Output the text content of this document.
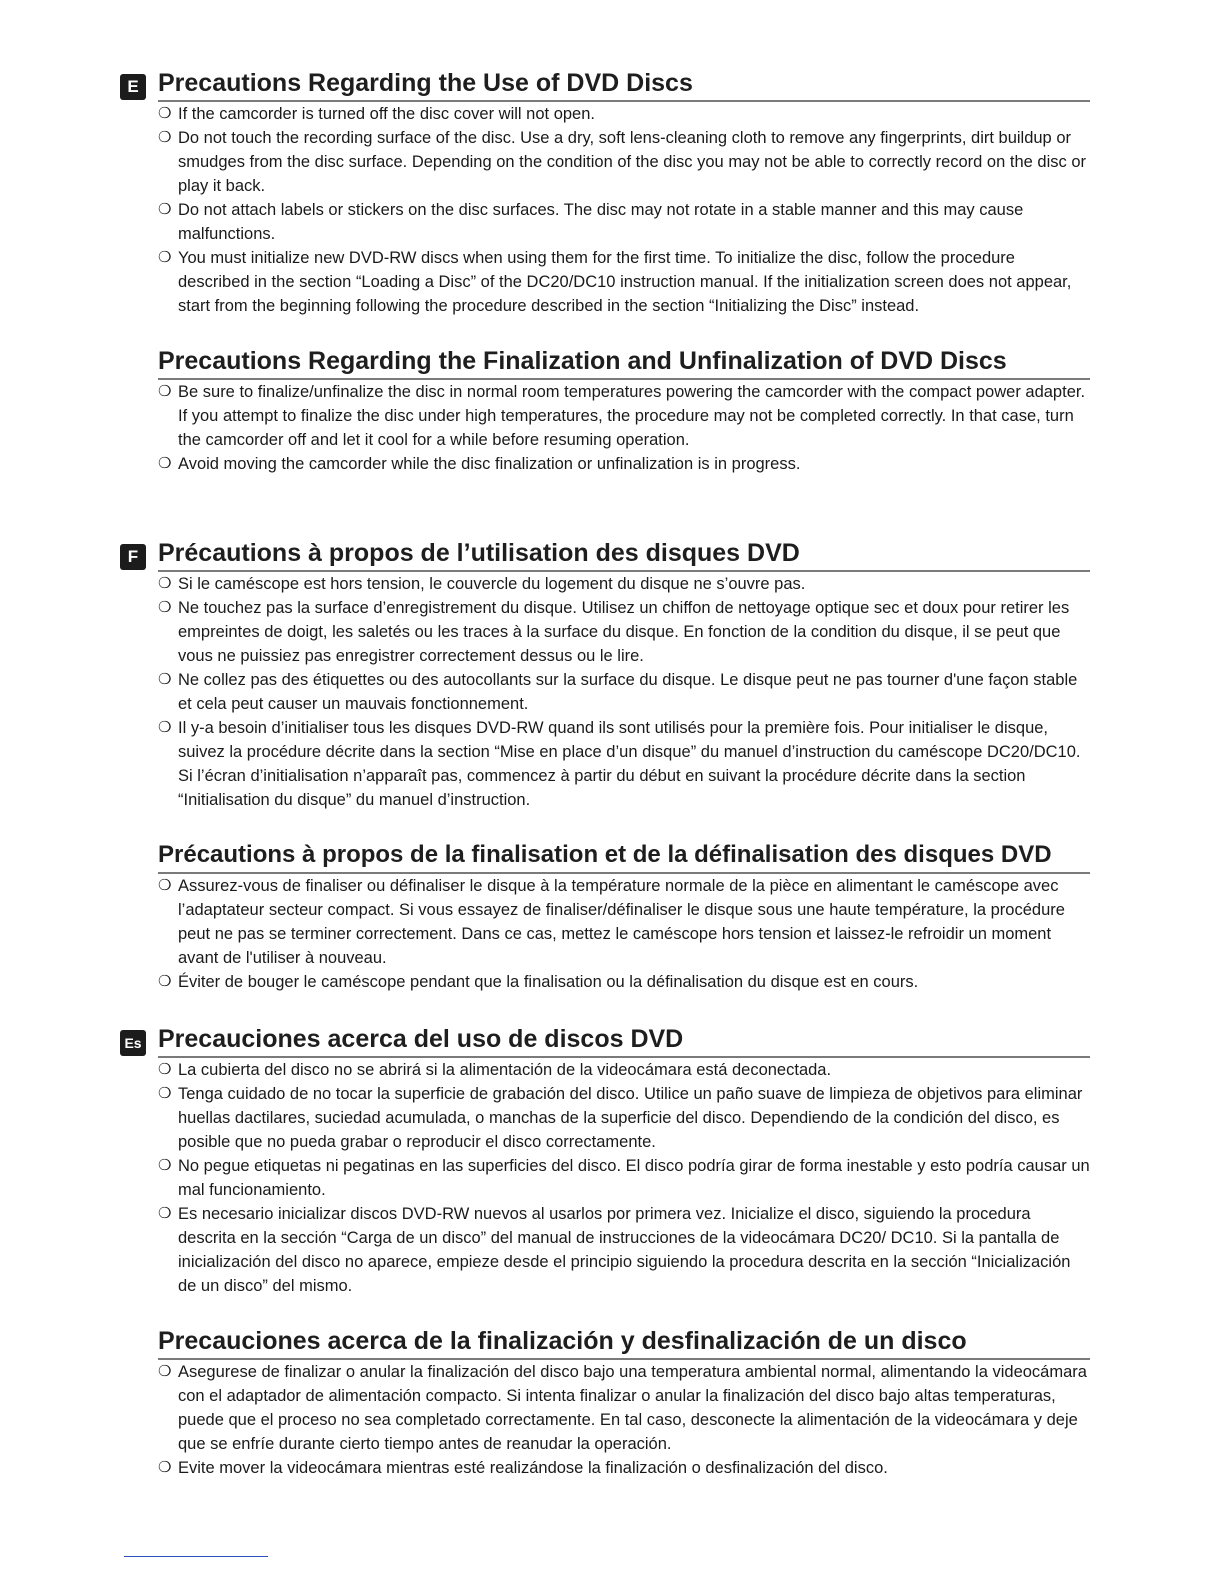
E Precautions Regarding the Use of DVD Discs
❍ If the camcorder is turned off the disc cover will not open.
❍ Do not touch the recording surface of the disc. Use a dry, soft lens-cleaning cloth to remove any fingerprints, dirt buildup or smudges from the disc surface. Depending on the condition of the disc you may not be able to correctly record on the disc or play it back.
❍ Do not attach labels or stickers on the disc surfaces. The disc may not rotate in a stable manner and this may cause malfunctions.
❍ You must initialize new DVD-RW discs when using them for the first time. To initialize the disc, follow the procedure described in the section “Loading a Disc” of the DC20/DC10 instruction manual. If the initialization screen does not appear, start from the beginning following the procedure described in the section “Initializing the Disc” instead.
Precautions Regarding the Finalization and Unfinalization of DVD Discs
❍ Be sure to finalize/unfinalize the disc in normal room temperatures powering the camcorder with the compact power adapter. If you attempt to finalize the disc under high temperatures, the procedure may not be completed correctly. In that case, turn the camcorder off and let it cool for a while before resuming operation.
❍ Avoid moving the camcorder while the disc finalization or unfinalization is in progress.
F Précautions à propos de l’utilisation des disques DVD
❍ Si le caméscope est hors tension, le couvercle du logement du disque ne s’ouvre pas.
❍ Ne touchez pas la surface d’enregistrement du disque. Utilisez un chiffon de nettoyage optique sec et doux pour retirer les empreintes de doigt, les saletés ou les traces à la surface du disque. En fonction de la condition du disque, il se peut que vous ne puissiez pas enregistrer correctement dessus ou le lire.
❍ Ne collez pas des étiquettes ou des autocollants sur la surface du disque. Le disque peut ne pas tourner d'une façon stable et cela peut causer un mauvais fonctionnement.
❍ Il y-a besoin d’initialiser tous les disques DVD-RW quand ils sont utilisés pour la première fois. Pour initialiser le disque, suivez la procédure décrite dans la section “Mise en place d’un disque” du manuel d’instruction du caméscope DC20/DC10. Si l’écran d’initialisation n’apparaît pas, commencez à partir du début en suivant la procédure décrite dans la section “Initialisation du disque” du manuel d’instruction.
Précautions à propos de la finalisation et de la définalisation des disques DVD
❍ Assurez-vous de finaliser ou définaliser le disque à la température normale de la pièce en alimentant le caméscope avec l’adaptateur secteur compact. Si vous essayez de finaliser/définaliser le disque sous une haute température, la procédure peut ne pas se terminer correctement. Dans ce cas, mettez le caméscope hors tension et laissez-le refroidir un moment avant de l'utiliser à nouveau.
❍ Éviter de bouger le caméscope pendant que la finalisation ou la définalisation du disque est en cours.
Es Precauciones acerca del uso de discos DVD
❍ La cubierta del disco no se abrirá si la alimentación de la videocámara está deconectada.
❍ Tenga cuidado de no tocar la superficie de grabación del disco. Utilice un paño suave de limpieza de objetivos para eliminar huellas dactilares, suciedad acumulada, o manchas de la superficie del disco. Dependiendo de la condición del disco, es posible que no pueda grabar o reproducir el disco correctamente.
❍ No pegue etiquetas ni pegatinas en las superficies del disco. El disco podría girar de forma inestable y esto podría causar un mal funcionamiento.
❍ Es necesario inicializar discos DVD-RW nuevos al usarlos por primera vez. Inicialize el disco, siguiendo la procedura descrita en la sección “Carga de un disco” del manual de instrucciones de la videocámara DC20/ DC10. Si la pantalla de inicialización del disco no aparece, empieze desde el principio siguiendo la procedura descrita en la sección “Inicialización de un disco” del mismo.
Precauciones acerca de la finalización y desfinalización de un disco
❍ Asegurese de finalizar o anular la finalización del disco bajo una temperatura ambiental normal, alimentando la videocámara con el adaptador de alimentación compacto. Si intenta finalizar o anular la finalización del disco bajo altas temperaturas, puede que el proceso no sea completado correctamente. En tal caso, desconecte la alimentación de la videocámara y deje que se enfríe durante cierto tiempo antes de reanudar la operación.
❍ Evite mover la videocámara mientras esté realizándose la finalización o desfinalización del disco.
